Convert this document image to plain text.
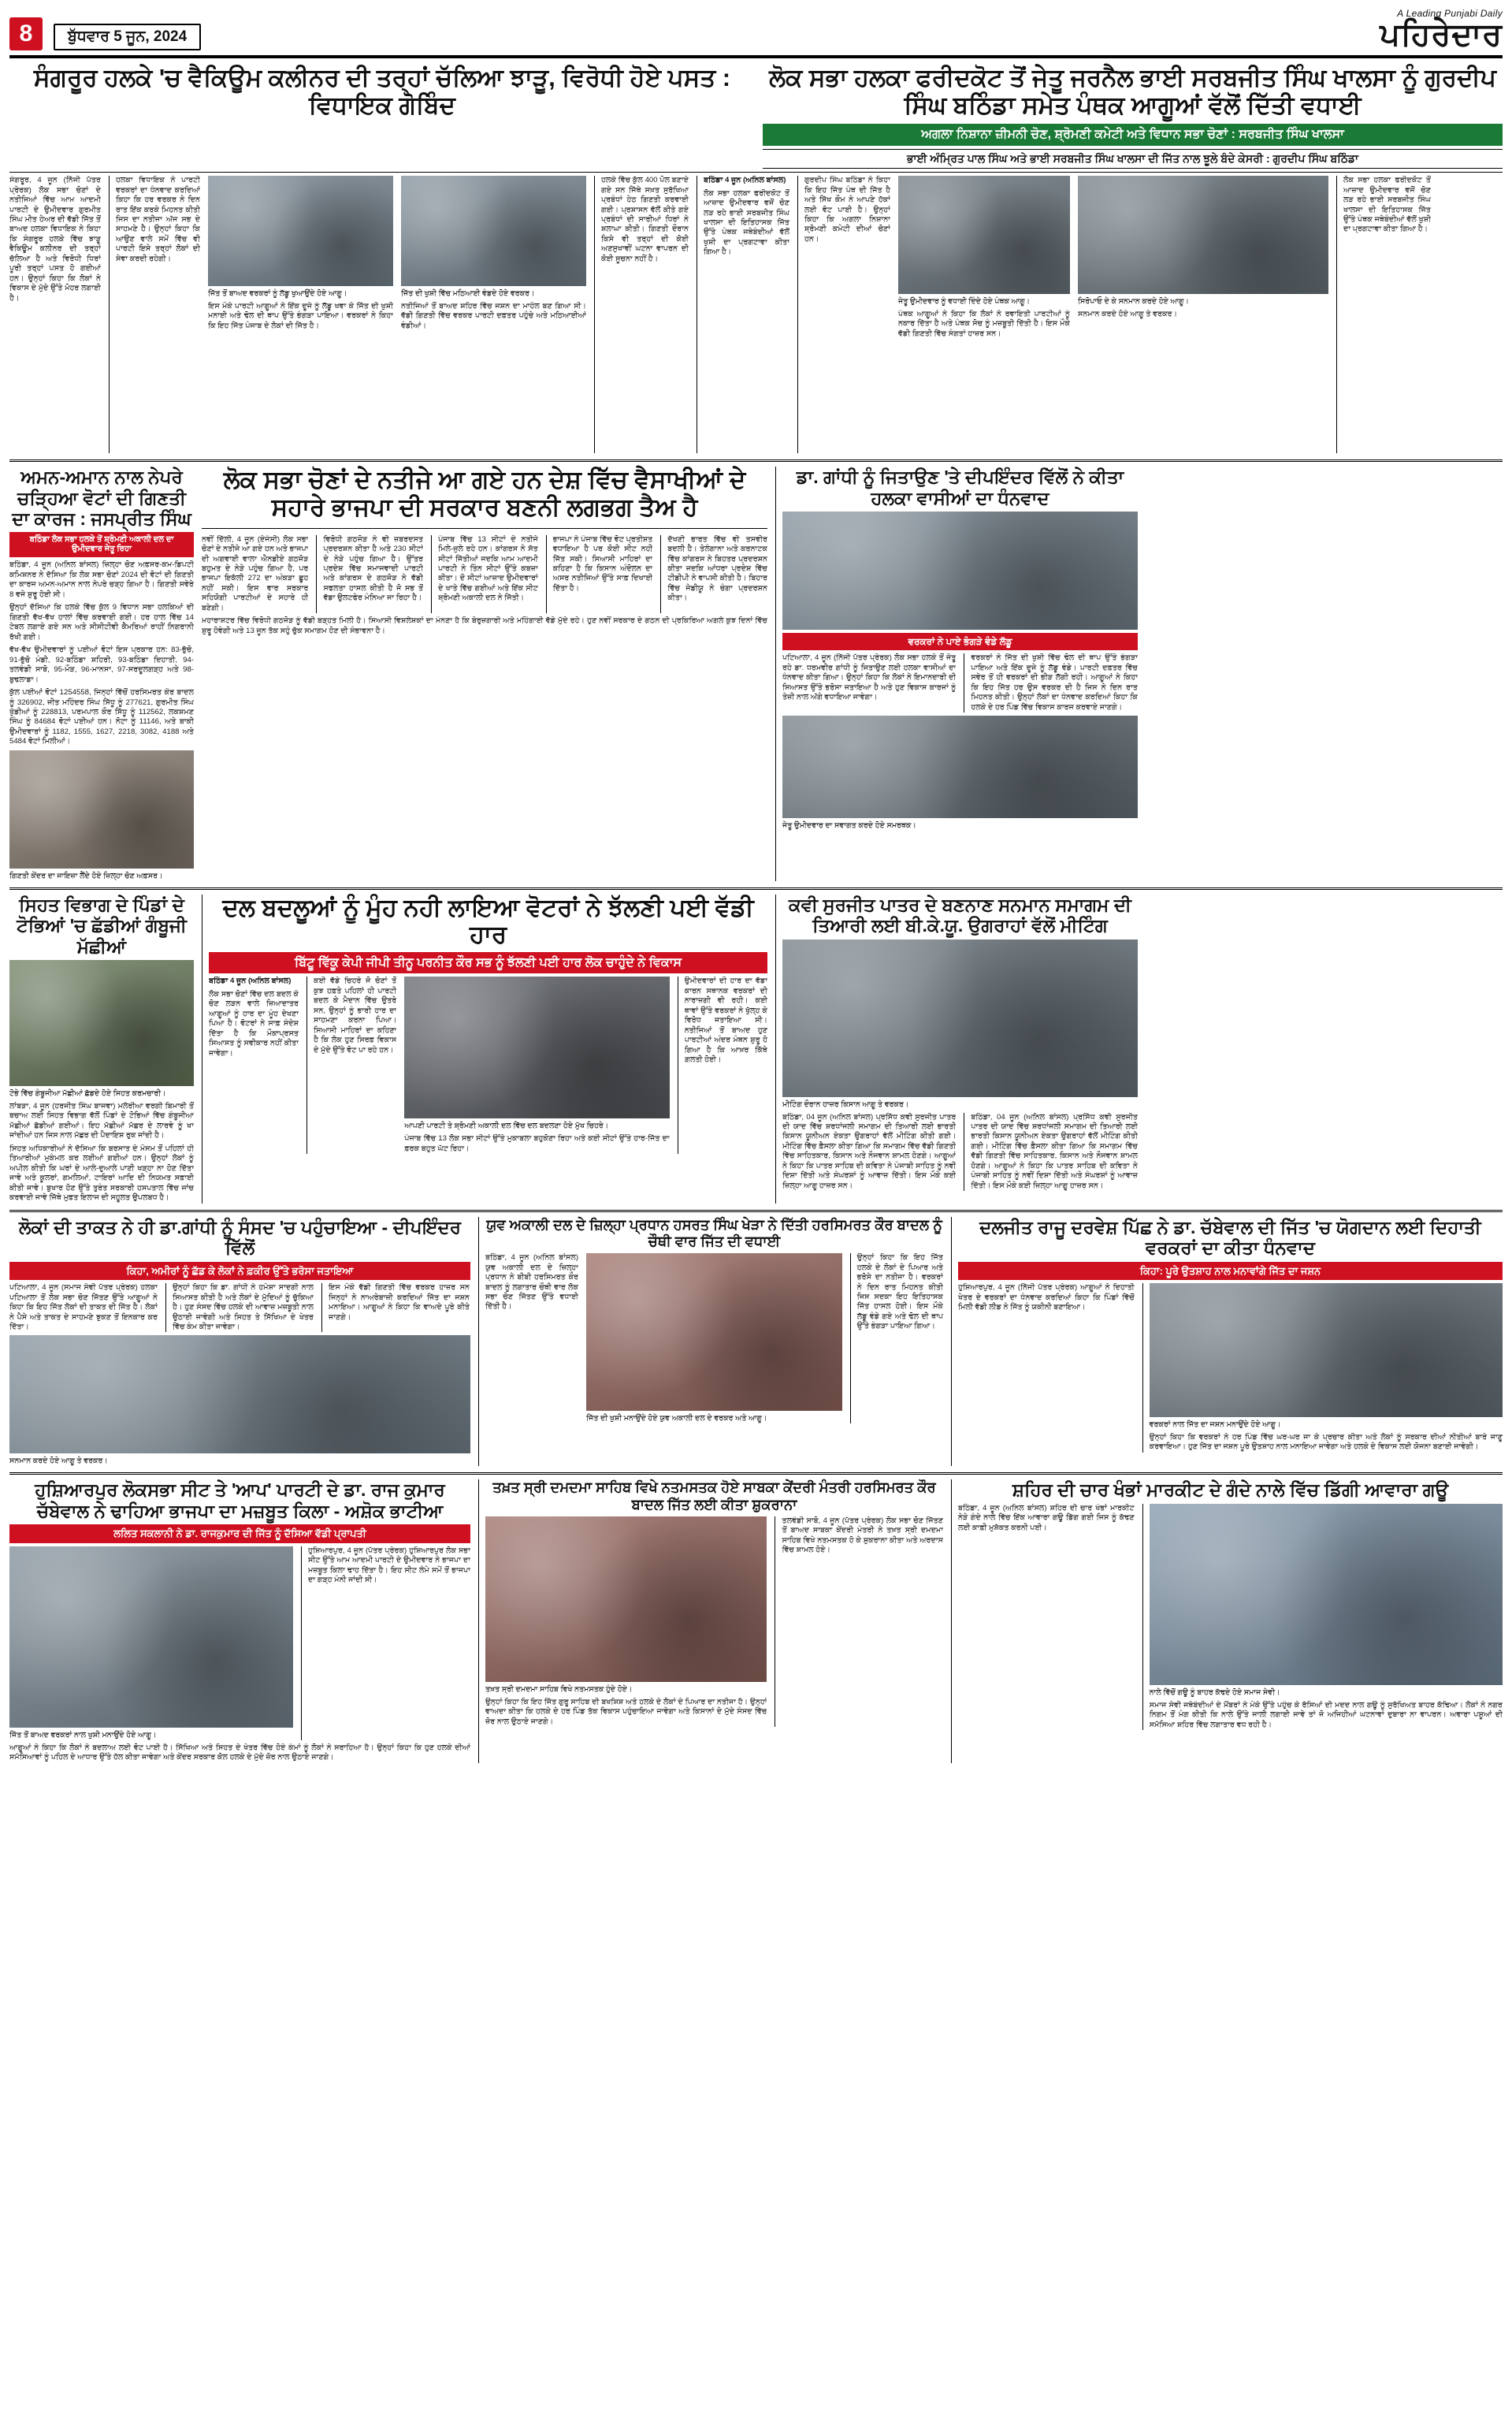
8	ਬੁੱਧਵਾਰ 5 ਜੂਨ, 2024
A Leading Punjabi Daily
ਪਹਿਰੇਦਾਰ
ਸੰਗਰੂਰ ਹਲਕੇ 'ਚ ਵੈਕਿਊਮ ਕਲੀਨਰ ਦੀ ਤਰ੍ਹਾਂ ਚੱਲਿਆ ਝਾੜੂ, ਵਿਰੋਧੀ ਹੋਏ ਪਸਤ : ਵਿਧਾਇਕ ਗੋਬਿੰਦ
ਲੋਕ ਸਭਾ ਹਲਕਾ ਫਰੀਦਕੋਟ ਤੋਂ ਜੇਤੂ ਜਰਨੈਲ ਭਾਈ ਸਰਬਜੀਤ ਸਿੰਘ ਖਾਲਸਾ ਨੂੰ ਗੁਰਦੀਪ ਸਿੰਘ ਬਠਿੰਡਾ ਸਮੇਤ ਪੰਥਕ ਆਗੂਆਂ ਵੱਲੋਂ ਦਿੱਤੀ ਵਧਾਈ
ਅਗਲਾ ਨਿਸ਼ਾਨਾ ਜ਼ੀਮਨੀ ਚੋਣ, ਸ਼੍ਰੋਮਣੀ ਕਮੇਟੀ ਅਤੇ ਵਿਧਾਨ ਸਭਾ ਚੋਣਾਂ : ਸਰਬਜੀਤ ਸਿੰਘ ਖਾਲਸਾ
ਭਾਈ ਅੰਮ੍ਰਿਤ ਪਾਲ ਸਿੰਘ ਅਤੇ ਭਾਈ ਸਰਬਜੀਤ ਸਿੰਘ ਖਾਲਸਾ ਦੀ ਜਿੱਤ ਨਾਲ ਝੂਲੇ ਬੰਦੇ ਕੇਸਰੀ : ਗੁਰਦੀਪ ਸਿੰਘ ਬਠਿੰਡਾ
ਸੰਗਰੂਰ, 4 ਜੂਨ (ਨਿੱਜੀ ਪੱਤਰ ਪ੍ਰੇਰਕ) ਲੋਕ ਸਭਾ ਚੋਣਾਂ ਦੇ ਨਤੀਜਿਆਂ ਵਿੱਚ ਆਮ ਆਦਮੀ ਪਾਰਟੀ ਦੇ ਉਮੀਦਵਾਰ ਗੁਰਮੀਤ ਸਿੰਘ ਮੀਤ ਹੇਅਰ ਦੀ ਵੱਡੀ ਜਿੱਤ ਤੋਂ ਬਾਅਦ ਹਲਕਾ ਵਿਧਾਇਕ ਨੇ ਕਿਹਾ ਕਿ ਸੰਗਰੂਰ ਹਲਕੇ ਵਿੱਚ ਝਾੜੂ ਵੈਕਿਊਮ ਕਲੀਨਰ ਦੀ ਤਰ੍ਹਾਂ ਚੱਲਿਆ ਹੈ ਅਤੇ ਵਿਰੋਧੀ ਧਿਰਾਂ ਪੂਰੀ ਤਰ੍ਹਾਂ ਪਸਤ ਹੋ ਗਈਆਂ ਹਨ। ਉਨ੍ਹਾਂ ਕਿਹਾ ਕਿ ਲੋਕਾਂ ਨੇ ਵਿਕਾਸ ਦੇ ਮੁੱਦੇ ਉੱਤੇ ਮੋਹਰ ਲਗਾਈ ਹੈ।
ਹਲਕਾ ਵਿਧਾਇਕ ਨੇ ਪਾਰਟੀ ਵਰਕਰਾਂ ਦਾ ਧੰਨਵਾਦ ਕਰਦਿਆਂ ਕਿਹਾ ਕਿ ਹਰ ਵਰਕਰ ਨੇ ਦਿਨ ਰਾਤ ਇੱਕ ਕਰਕੇ ਮਿਹਨਤ ਕੀਤੀ ਜਿਸ ਦਾ ਨਤੀਜਾ ਅੱਜ ਸਭ ਦੇ ਸਾਹਮਣੇ ਹੈ। ਉਨ੍ਹਾਂ ਕਿਹਾ ਕਿ ਆਉਣ ਵਾਲੇ ਸਮੇਂ ਵਿੱਚ ਵੀ ਪਾਰਟੀ ਇਸੇ ਤਰ੍ਹਾਂ ਲੋਕਾਂ ਦੀ ਸੇਵਾ ਕਰਦੀ ਰਹੇਗੀ।
ਜਿੱਤ ਤੋਂ ਬਾਅਦ ਵਰਕਰਾਂ ਨੂੰ ਲੱਡੂ ਖੁਆਉਂਦੇ ਹੋਏ ਆਗੂ।
ਇਸ ਮੌਕੇ ਪਾਰਟੀ ਆਗੂਆਂ ਨੇ ਇੱਕ ਦੂਜੇ ਨੂੰ ਲੱਡੂ ਖਵਾ ਕੇ ਜਿੱਤ ਦੀ ਖੁਸ਼ੀ ਮਨਾਈ ਅਤੇ ਢੋਲ ਦੀ ਥਾਪ ਉੱਤੇ ਭੰਗੜਾ ਪਾਇਆ। ਵਰਕਰਾਂ ਨੇ ਕਿਹਾ ਕਿ ਇਹ ਜਿੱਤ ਪੰਜਾਬ ਦੇ ਲੋਕਾਂ ਦੀ ਜਿੱਤ ਹੈ।
ਜਿੱਤ ਦੀ ਖੁਸ਼ੀ ਵਿੱਚ ਮਠਿਆਈ ਵੰਡਦੇ ਹੋਏ ਵਰਕਰ।
ਨਤੀਜਿਆਂ ਤੋਂ ਬਾਅਦ ਸ਼ਹਿਰ ਵਿੱਚ ਜਸ਼ਨ ਦਾ ਮਾਹੌਲ ਬਣ ਗਿਆ ਸੀ। ਵੱਡੀ ਗਿਣਤੀ ਵਿੱਚ ਵਰਕਰ ਪਾਰਟੀ ਦਫ਼ਤਰ ਪਹੁੰਚੇ ਅਤੇ ਮਠਿਆਈਆਂ ਵੰਡੀਆਂ।
ਹਲਕੇ ਵਿੱਚ ਕੁੱਲ 400 ਪੋਲ ਬਣਾਏ ਗਏ ਸਨ ਜਿੱਥੇ ਸਖ਼ਤ ਸੁਰੱਖਿਆ ਪ੍ਰਬੰਧਾਂ ਹੇਠ ਗਿਣਤੀ ਕਰਵਾਈ ਗਈ। ਪ੍ਰਸ਼ਾਸਨ ਵੱਲੋਂ ਕੀਤੇ ਗਏ ਪ੍ਰਬੰਧਾਂ ਦੀ ਸਾਰੀਆਂ ਧਿਰਾਂ ਨੇ ਸ਼ਲਾਘਾ ਕੀਤੀ। ਗਿਣਤੀ ਦੌਰਾਨ ਕਿਸੇ ਵੀ ਤਰ੍ਹਾਂ ਦੀ ਕੋਈ ਅਣਸੁਖਾਵੀਂ ਘਟਨਾ ਵਾਪਰਨ ਦੀ ਕੋਈ ਸੂਚਨਾ ਨਹੀਂ ਹੈ।
ਬਠਿੰਡਾ 4 ਜੂਨ (ਅਨਿਲ ਬਾਂਸਲ)
ਲੋਕ ਸਭਾ ਹਲਕਾ ਫਰੀਦਕੋਟ ਤੋਂ ਆਜ਼ਾਦ ਉਮੀਦਵਾਰ ਵਜੋਂ ਚੋਣ ਲੜ ਰਹੇ ਭਾਈ ਸਰਬਜੀਤ ਸਿੰਘ ਖਾਲਸਾ ਦੀ ਇਤਿਹਾਸਕ ਜਿੱਤ ਉੱਤੇ ਪੰਥਕ ਜਥੇਬੰਦੀਆਂ ਵੱਲੋਂ ਖੁਸ਼ੀ ਦਾ ਪ੍ਰਗਟਾਵਾ ਕੀਤਾ ਗਿਆ ਹੈ।
ਗੁਰਦੀਪ ਸਿੰਘ ਬਠਿੰਡਾ ਨੇ ਕਿਹਾ ਕਿ ਇਹ ਜਿੱਤ ਪੰਥ ਦੀ ਜਿੱਤ ਹੈ ਅਤੇ ਸਿੱਖ ਕੌਮ ਨੇ ਆਪਣੇ ਹੱਕਾਂ ਲਈ ਵੋਟ ਪਾਈ ਹੈ। ਉਨ੍ਹਾਂ ਕਿਹਾ ਕਿ ਅਗਲਾ ਨਿਸ਼ਾਨਾ ਸ਼੍ਰੋਮਣੀ ਕਮੇਟੀ ਦੀਆਂ ਚੋਣਾਂ ਹਨ।
ਜੇਤੂ ਉਮੀਦਵਾਰ ਨੂੰ ਵਧਾਈ ਦਿੰਦੇ ਹੋਏ ਪੰਥਕ ਆਗੂ।
ਪੰਥਕ ਆਗੂਆਂ ਨੇ ਕਿਹਾ ਕਿ ਲੋਕਾਂ ਨੇ ਰਵਾਇਤੀ ਪਾਰਟੀਆਂ ਨੂੰ ਨਕਾਰ ਦਿੱਤਾ ਹੈ ਅਤੇ ਪੰਥਕ ਸੋਚ ਨੂੰ ਮਜ਼ਬੂਤੀ ਦਿੱਤੀ ਹੈ। ਇਸ ਮੌਕੇ ਵੱਡੀ ਗਿਣਤੀ ਵਿੱਚ ਸੰਗਤਾਂ ਹਾਜ਼ਰ ਸਨ।
ਸਿਰੋਪਾਓ ਦੇ ਕੇ ਸਨਮਾਨ ਕਰਦੇ ਹੋਏ ਆਗੂ।
ਸਨਮਾਨ ਕਰਦੇ ਹੋਏ ਆਗੂ ਤੇ ਵਰਕਰ।
ਲੋਕ ਸਭਾ ਹਲਕਾ ਫਰੀਦਕੋਟ ਤੋਂ ਆਜ਼ਾਦ ਉਮੀਦਵਾਰ ਵਜੋਂ ਚੋਣ ਲੜ ਰਹੇ ਭਾਈ ਸਰਬਜੀਤ ਸਿੰਘ ਖਾਲਸਾ ਦੀ ਇਤਿਹਾਸਕ ਜਿੱਤ ਉੱਤੇ ਪੰਥਕ ਜਥੇਬੰਦੀਆਂ ਵੱਲੋਂ ਖੁਸ਼ੀ ਦਾ ਪ੍ਰਗਟਾਵਾ ਕੀਤਾ ਗਿਆ ਹੈ।
ਅਮਨ-ਅਮਾਨ ਨਾਲ ਨੇਪਰੇ ਚੜ੍ਹਿਆ ਵੋਟਾਂ ਦੀ ਗਿਣਤੀ ਦਾ ਕਾਰਜ : ਜਸਪ੍ਰੀਤ ਸਿੰਘ
ਬਠਿੰਡਾ ਲੋਕ ਸਭਾ ਹਲਕੇ ਤੋਂ ਸ਼੍ਰੋਮਣੀ ਅਕਾਲੀ ਦਲ ਦਾ ਉਮੀਦਵਾਰ ਜੇਤੂ ਰਿਹਾ
ਬਠਿੰਡਾ, 4 ਜੂਨ (ਅਨਿਲ ਬਾਂਸਲ) ਜ਼ਿਲ੍ਹਾ ਚੋਣ ਅਫ਼ਸਰ-ਕਮ-ਡਿਪਟੀ ਕਮਿਸ਼ਨਰ ਨੇ ਦੱਸਿਆ ਕਿ ਲੋਕ ਸਭਾ ਚੋਣਾਂ 2024 ਦੀ ਵੋਟਾਂ ਦੀ ਗਿਣਤੀ ਦਾ ਕਾਰਜ ਅਮਨ-ਅਮਾਨ ਨਾਲ ਨੇਪਰੇ ਚੜ੍ਹ ਗਿਆ ਹੈ। ਗਿਣਤੀ ਸਵੇਰੇ 8 ਵਜੇ ਸ਼ੁਰੂ ਹੋਈ ਸੀ।
ਉਨ੍ਹਾਂ ਦੱਸਿਆ ਕਿ ਹਲਕੇ ਵਿੱਚ ਕੁੱਲ 9 ਵਿਧਾਨ ਸਭਾ ਹਲਕਿਆਂ ਦੀ ਗਿਣਤੀ ਵੱਖ-ਵੱਖ ਹਾਲਾਂ ਵਿੱਚ ਕਰਵਾਈ ਗਈ। ਹਰ ਹਾਲ ਵਿੱਚ 14 ਟੇਬਲ ਲਗਾਏ ਗਏ ਸਨ ਅਤੇ ਸੀਸੀਟੀਵੀ ਕੈਮਰਿਆਂ ਰਾਹੀਂ ਨਿਗਰਾਨੀ ਰੱਖੀ ਗਈ।
ਵੱਖ-ਵੱਖ ਉਮੀਦਵਾਰਾਂ ਨੂੰ ਪਈਆਂ ਵੋਟਾਂ ਇਸ ਪ੍ਰਕਾਰ ਹਨ: 83-ਭੁੱਚੋ, 91-ਭੁੱਚੋ ਮੰਡੀ, 92-ਬਠਿੰਡਾ ਸ਼ਹਿਰੀ, 93-ਬਠਿੰਡਾ ਦਿਹਾਤੀ, 94-ਤਲਵੰਡੀ ਸਾਬੋ, 95-ਮੌੜ, 96-ਮਾਨਸਾ, 97-ਸਰਦੂਲਗੜ੍ਹ ਅਤੇ 98-ਬੁਢਲਾਡਾ।
ਕੁੱਲ ਪਈਆਂ ਵੋਟਾਂ 1254558, ਜਿਨ੍ਹਾਂ ਵਿੱਚੋਂ ਹਰਸਿਮਰਤ ਕੌਰ ਬਾਦਲ ਨੂੰ 326902, ਜੀਤ ਮਹਿੰਦਰ ਸਿੰਘ ਸਿੱਧੂ ਨੂੰ 277621, ਗੁਰਮੀਤ ਸਿੰਘ ਖੁੱਡੀਆਂ ਨੂੰ 228813, ਪਰਮਪਾਲ ਕੌਰ ਸਿੱਧੂ ਨੂੰ 112562, ਲਕਸ਼ਮਣ ਸਿੰਘ ਨੂੰ 84684 ਵੋਟਾਂ ਪਈਆਂ ਹਨ। ਨੋਟਾ ਨੂੰ 11146, ਅਤੇ ਬਾਕੀ ਉਮੀਦਵਾਰਾਂ ਨੂੰ 1182, 1555, 1627, 2218, 3082, 4188 ਅਤੇ 5484 ਵੋਟਾਂ ਮਿਲੀਆਂ।
ਗਿਣਤੀ ਕੇਂਦਰ ਦਾ ਜਾਇਜ਼ਾ ਲੈਂਦੇ ਹੋਏ ਜ਼ਿਲ੍ਹਾ ਚੋਣ ਅਫ਼ਸਰ।
ਲੋਕ ਸਭਾ ਚੋਣਾਂ ਦੇ ਨਤੀਜੇ ਆ ਗਏ ਹਨ ਦੇਸ਼ ਵਿੱਚ ਵੈਸਾਖੀਆਂ ਦੇ ਸਹਾਰੇ ਭਾਜਪਾ ਦੀ ਸਰਕਾਰ ਬਣਨੀ ਲਗਭਗ ਤੈਅ ਹੈ
ਨਵੀਂ ਦਿੱਲੀ, 4 ਜੂਨ (ਏਜੰਸੀ) ਲੋਕ ਸਭਾ ਚੋਣਾਂ ਦੇ ਨਤੀਜੇ ਆ ਗਏ ਹਨ ਅਤੇ ਭਾਜਪਾ ਦੀ ਅਗਵਾਈ ਵਾਲਾ ਐਨਡੀਏ ਗਠਜੋੜ ਬਹੁਮਤ ਦੇ ਨੇੜੇ ਪਹੁੰਚ ਗਿਆ ਹੈ, ਪਰ ਭਾਜਪਾ ਇਕੱਲੀ 272 ਦਾ ਅੰਕੜਾ ਛੂਹ ਨਹੀਂ ਸਕੀ। ਇਸ ਵਾਰ ਸਰਕਾਰ ਸਹਿਯੋਗੀ ਪਾਰਟੀਆਂ ਦੇ ਸਹਾਰੇ ਹੀ ਬਣੇਗੀ।
ਵਿਰੋਧੀ ਗਠਜੋੜ ਨੇ ਵੀ ਜ਼ਬਰਦਸਤ ਪ੍ਰਦਰਸ਼ਨ ਕੀਤਾ ਹੈ ਅਤੇ 230 ਸੀਟਾਂ ਦੇ ਨੇੜੇ ਪਹੁੰਚ ਗਿਆ ਹੈ। ਉੱਤਰ ਪ੍ਰਦੇਸ਼ ਵਿੱਚ ਸਮਾਜਵਾਦੀ ਪਾਰਟੀ ਅਤੇ ਕਾਂਗਰਸ ਦੇ ਗਠਜੋੜ ਨੇ ਵੱਡੀ ਸਫਲਤਾ ਹਾਸਲ ਕੀਤੀ ਹੈ ਜੋ ਸਭ ਤੋਂ ਵੱਡਾ ਉਲਟਫੇਰ ਮੰਨਿਆ ਜਾ ਰਿਹਾ ਹੈ।
ਪੰਜਾਬ ਵਿੱਚ 13 ਸੀਟਾਂ ਦੇ ਨਤੀਜੇ ਮਿਲੇ-ਜੁਲੇ ਰਹੇ ਹਨ। ਕਾਂਗਰਸ ਨੇ ਸੱਤ ਸੀਟਾਂ ਜਿੱਤੀਆਂ ਜਦਕਿ ਆਮ ਆਦਮੀ ਪਾਰਟੀ ਨੇ ਤਿੰਨ ਸੀਟਾਂ ਉੱਤੇ ਕਬਜ਼ਾ ਕੀਤਾ। ਦੋ ਸੀਟਾਂ ਆਜ਼ਾਦ ਉਮੀਦਵਾਰਾਂ ਦੇ ਖਾਤੇ ਵਿੱਚ ਗਈਆਂ ਅਤੇ ਇੱਕ ਸੀਟ ਸ਼੍ਰੋਮਣੀ ਅਕਾਲੀ ਦਲ ਨੇ ਜਿੱਤੀ।
ਭਾਜਪਾ ਨੇ ਪੰਜਾਬ ਵਿੱਚ ਵੋਟ ਪ੍ਰਤੀਸ਼ਤ ਵਧਾਇਆ ਹੈ ਪਰ ਕੋਈ ਸੀਟ ਨਹੀਂ ਜਿੱਤ ਸਕੀ। ਸਿਆਸੀ ਮਾਹਿਰਾਂ ਦਾ ਕਹਿਣਾ ਹੈ ਕਿ ਕਿਸਾਨ ਅੰਦੋਲਨ ਦਾ ਅਸਰ ਨਤੀਜਿਆਂ ਉੱਤੇ ਸਾਫ਼ ਦਿਖਾਈ ਦਿੱਤਾ ਹੈ।
ਦੱਖਣੀ ਭਾਰਤ ਵਿੱਚ ਵੀ ਤਸਵੀਰ ਬਦਲੀ ਹੈ। ਤੇਲੰਗਾਨਾ ਅਤੇ ਕਰਨਾਟਕ ਵਿੱਚ ਕਾਂਗਰਸ ਨੇ ਬਿਹਤਰ ਪ੍ਰਦਰਸ਼ਨ ਕੀਤਾ ਜਦਕਿ ਆਂਧਰਾ ਪ੍ਰਦੇਸ਼ ਵਿੱਚ ਟੀਡੀਪੀ ਨੇ ਵਾਪਸੀ ਕੀਤੀ ਹੈ। ਬਿਹਾਰ ਵਿੱਚ ਜੇਡੀਯੂ ਨੇ ਚੰਗਾ ਪ੍ਰਦਰਸ਼ਨ ਕੀਤਾ।
ਮਹਾਰਾਸ਼ਟਰ ਵਿੱਚ ਵਿਰੋਧੀ ਗਠਜੋੜ ਨੂੰ ਵੱਡੀ ਬੜ੍ਹਤ ਮਿਲੀ ਹੈ। ਸਿਆਸੀ ਵਿਸ਼ਲੇਸ਼ਕਾਂ ਦਾ ਮੰਨਣਾ ਹੈ ਕਿ ਬੇਰੁਜ਼ਗਾਰੀ ਅਤੇ ਮਹਿੰਗਾਈ ਵੱਡੇ ਮੁੱਦੇ ਰਹੇ। ਹੁਣ ਨਵੀਂ ਸਰਕਾਰ ਦੇ ਗਠਨ ਦੀ ਪ੍ਰਕਿਰਿਆ ਅਗਲੇ ਕੁਝ ਦਿਨਾਂ ਵਿੱਚ ਸ਼ੁਰੂ ਹੋਵੇਗੀ ਅਤੇ 13 ਜੂਨ ਤੱਕ ਸਹੁੰ ਚੁੱਕ ਸਮਾਗਮ ਹੋਣ ਦੀ ਸੰਭਾਵਨਾ ਹੈ।
ਡਾ. ਗਾਂਧੀ ਨੂੰ ਜਿਤਾਉਣ 'ਤੇ ਦੀਪਇੰਦਰ ਵਿੱਲੋਂ ਨੇ ਕੀਤਾ ਹਲਕਾ ਵਾਸੀਆਂ ਦਾ ਧੰਨਵਾਦ
ਵਰਕਰਾਂ ਨੇ ਪਾਏ ਭੰਗੜੇ ਵੰਡੇ ਲੱਡੂ
ਪਟਿਆਲਾ, 4 ਜੂਨ (ਨਿੱਜੀ ਪੱਤਰ ਪ੍ਰੇਰਕ) ਲੋਕ ਸਭਾ ਹਲਕੇ ਤੋਂ ਜੇਤੂ ਰਹੇ ਡਾ. ਧਰਮਵੀਰ ਗਾਂਧੀ ਨੂੰ ਜਿਤਾਉਣ ਲਈ ਹਲਕਾ ਵਾਸੀਆਂ ਦਾ ਧੰਨਵਾਦ ਕੀਤਾ ਗਿਆ। ਉਨ੍ਹਾਂ ਕਿਹਾ ਕਿ ਲੋਕਾਂ ਨੇ ਇਮਾਨਦਾਰੀ ਦੀ ਸਿਆਸਤ ਉੱਤੇ ਭਰੋਸਾ ਜਤਾਇਆ ਹੈ ਅਤੇ ਹੁਣ ਵਿਕਾਸ ਕਾਰਜਾਂ ਨੂੰ ਤੇਜ਼ੀ ਨਾਲ ਅੱਗੇ ਵਧਾਇਆ ਜਾਵੇਗਾ।
ਵਰਕਰਾਂ ਨੇ ਜਿੱਤ ਦੀ ਖੁਸ਼ੀ ਵਿੱਚ ਢੋਲ ਦੀ ਥਾਪ ਉੱਤੇ ਭੰਗੜਾ ਪਾਇਆ ਅਤੇ ਇੱਕ ਦੂਜੇ ਨੂੰ ਲੱਡੂ ਵੰਡੇ। ਪਾਰਟੀ ਦਫ਼ਤਰ ਵਿੱਚ ਸਵੇਰ ਤੋਂ ਹੀ ਵਰਕਰਾਂ ਦੀ ਭੀੜ ਲੱਗੀ ਰਹੀ। ਆਗੂਆਂ ਨੇ ਕਿਹਾ ਕਿ ਇਹ ਜਿੱਤ ਹਰ ਉਸ ਵਰਕਰ ਦੀ ਹੈ ਜਿਸ ਨੇ ਦਿਨ ਰਾਤ ਮਿਹਨਤ ਕੀਤੀ। ਉਨ੍ਹਾਂ ਲੋਕਾਂ ਦਾ ਧੰਨਵਾਦ ਕਰਦਿਆਂ ਕਿਹਾ ਕਿ ਹਲਕੇ ਦੇ ਹਰ ਪਿੰਡ ਵਿੱਚ ਵਿਕਾਸ ਕਾਰਜ ਕਰਵਾਏ ਜਾਣਗੇ।
ਜੇਤੂ ਉਮੀਦਵਾਰ ਦਾ ਸਵਾਗਤ ਕਰਦੇ ਹੋਏ ਸਮਰਥਕ।
ਸਿਹਤ ਵਿਭਾਗ ਦੇ ਪਿੰਡਾਂ ਦੇ ਟੋਭਿਆਂ 'ਚ ਛੱਡੀਆਂ ਗੰਬੂਜੀ ਮੱਛੀਆਂ
ਟੋਭੇ ਵਿੱਚ ਗੰਬੂਜੀਆ ਮੱਛੀਆਂ ਛੱਡਦੇ ਹੋਏ ਸਿਹਤ ਕਰਮਚਾਰੀ।
ਲਾਂਬੜਾ, 4 ਜੂਨ (ਹਰਜੀਤ ਸਿੰਘ ਬਾਜਵਾ) ਮਲੇਰੀਆ ਵਰਗੀ ਬਿਮਾਰੀ ਤੋਂ ਬਚਾਅ ਲਈ ਸਿਹਤ ਵਿਭਾਗ ਵੱਲੋਂ ਪਿੰਡਾਂ ਦੇ ਟੋਭਿਆਂ ਵਿੱਚ ਗੰਬੂਜੀਆ ਮੱਛੀਆਂ ਛੱਡੀਆਂ ਗਈਆਂ। ਇਹ ਮੱਛੀਆਂ ਮੱਛਰ ਦੇ ਲਾਰਵੇ ਨੂੰ ਖਾ ਜਾਂਦੀਆਂ ਹਨ ਜਿਸ ਨਾਲ ਮੱਛਰ ਦੀ ਪੈਦਾਇਸ਼ ਰੁਕ ਜਾਂਦੀ ਹੈ।
ਸਿਹਤ ਅਧਿਕਾਰੀਆਂ ਨੇ ਦੱਸਿਆ ਕਿ ਬਰਸਾਤ ਦੇ ਮੌਸਮ ਤੋਂ ਪਹਿਲਾਂ ਹੀ ਤਿਆਰੀਆਂ ਮੁਕੰਮਲ ਕਰ ਲਈਆਂ ਗਈਆਂ ਹਨ। ਉਨ੍ਹਾਂ ਲੋਕਾਂ ਨੂੰ ਅਪੀਲ ਕੀਤੀ ਕਿ ਘਰਾਂ ਦੇ ਆਲੇ-ਦੁਆਲੇ ਪਾਣੀ ਖੜ੍ਹਾ ਨਾ ਹੋਣ ਦਿੱਤਾ ਜਾਵੇ ਅਤੇ ਕੂਲਰਾਂ, ਗਮਲਿਆਂ, ਟਾਇਰਾਂ ਆਦਿ ਦੀ ਨਿਯਮਤ ਸਫ਼ਾਈ ਕੀਤੀ ਜਾਵੇ। ਬੁਖਾਰ ਹੋਣ ਉੱਤੇ ਤੁਰੰਤ ਸਰਕਾਰੀ ਹਸਪਤਾਲ ਵਿੱਚ ਜਾਂਚ ਕਰਵਾਈ ਜਾਵੇ ਜਿੱਥੇ ਮੁਫ਼ਤ ਇਲਾਜ ਦੀ ਸਹੂਲਤ ਉਪਲਬਧ ਹੈ।
ਦਲ ਬਦਲੂਆਂ ਨੂੰ ਮੂੰਹ ਨਹੀ ਲਾਇਆ ਵੋਟਰਾਂ ਨੇ ਝੱਲਣੀ ਪਈ ਵੱਡੀ ਹਾਰ
ਬਿੱਟੂ ਵਿੱਕੂ ਕੇਪੀ ਜੀਪੀ ਤੀਨੂ ਪਰਨੀਤ ਕੌਰ ਸਭ ਨੂੰ ਝੱਲਣੀ ਪਈ ਹਾਰ ਲੋਕ ਚਾਹੁੰਦੇ ਨੇ ਵਿਕਾਸ
ਬਠਿੰਡਾ 4 ਜੂਨ (ਅਨਿਲ ਬਾਂਸਲ)
ਲੋਕ ਸਭਾ ਚੋਣਾਂ ਵਿੱਚ ਦਲ ਬਦਲ ਕੇ ਚੋਣ ਲੜਨ ਵਾਲੇ ਜ਼ਿਆਦਾਤਰ ਆਗੂਆਂ ਨੂੰ ਹਾਰ ਦਾ ਮੂੰਹ ਦੇਖਣਾ ਪਿਆ ਹੈ। ਵੋਟਰਾਂ ਨੇ ਸਾਫ਼ ਸੰਦੇਸ਼ ਦਿੱਤਾ ਹੈ ਕਿ ਮੌਕਾਪ੍ਰਸਤ ਸਿਆਸਤ ਨੂੰ ਸਵੀਕਾਰ ਨਹੀਂ ਕੀਤਾ ਜਾਵੇਗਾ।
ਕਈ ਵੱਡੇ ਚਿਹਰੇ ਜੋ ਚੋਣਾਂ ਤੋਂ ਕੁਝ ਹਫ਼ਤੇ ਪਹਿਲਾਂ ਹੀ ਪਾਰਟੀ ਬਦਲ ਕੇ ਮੈਦਾਨ ਵਿੱਚ ਉਤਰੇ ਸਨ, ਉਨ੍ਹਾਂ ਨੂੰ ਭਾਰੀ ਹਾਰ ਦਾ ਸਾਹਮਣਾ ਕਰਨਾ ਪਿਆ। ਸਿਆਸੀ ਮਾਹਿਰਾਂ ਦਾ ਕਹਿਣਾ ਹੈ ਕਿ ਲੋਕ ਹੁਣ ਸਿਰਫ਼ ਵਿਕਾਸ ਦੇ ਮੁੱਦੇ ਉੱਤੇ ਵੋਟ ਪਾ ਰਹੇ ਹਨ।
ਆਪਣੀ ਪਾਰਟੀ ਤੇ ਸ਼੍ਰੋਮਣੀ ਅਕਾਲੀ ਦਲ ਵਿੱਚ ਦਲ ਬਦਲਣਾ ਹੋਏ ਮੁੱਖ ਚਿਹਰੇ।
ਪੰਜਾਬ ਵਿੱਚ 13 ਲੋਕ ਸਭਾ ਸੀਟਾਂ ਉੱਤੇ ਮੁਕਾਬਲਾ ਬਹੁਕੋਣਾ ਰਿਹਾ ਅਤੇ ਕਈ ਸੀਟਾਂ ਉੱਤੇ ਹਾਰ-ਜਿੱਤ ਦਾ ਫ਼ਰਕ ਬਹੁਤ ਘੱਟ ਰਿਹਾ।
ਉਮੀਦਵਾਰਾਂ ਦੀ ਹਾਰ ਦਾ ਵੱਡਾ ਕਾਰਨ ਸਥਾਨਕ ਵਰਕਰਾਂ ਦੀ ਨਾਰਾਜ਼ਗੀ ਵੀ ਰਹੀ। ਕਈ ਥਾਵਾਂ ਉੱਤੇ ਵਰਕਰਾਂ ਨੇ ਖੁੱਲ੍ਹ ਕੇ ਵਿਰੋਧ ਜਤਾਇਆ ਸੀ। ਨਤੀਜਿਆਂ ਤੋਂ ਬਾਅਦ ਹੁਣ ਪਾਰਟੀਆਂ ਅੰਦਰ ਮੰਥਨ ਸ਼ੁਰੂ ਹੋ ਗਿਆ ਹੈ ਕਿ ਆਖ਼ਰ ਕਿੱਥੇ ਗ਼ਲਤੀ ਹੋਈ।
ਕਵੀ ਸੁਰਜੀਤ ਪਾਤਰ ਦੇ ਬਣਨਾਣ ਸਨਮਾਨ ਸਮਾਗਮ ਦੀ ਤਿਆਰੀ ਲਈ ਬੀ.ਕੇ.ਯੂ. ਉਗਰਾਹਾਂ ਵੱਲੋਂ ਮੀਟਿੰਗ
ਮੀਟਿੰਗ ਦੌਰਾਨ ਹਾਜ਼ਰ ਕਿਸਾਨ ਆਗੂ ਤੇ ਵਰਕਰ।
ਬਠਿੰਡਾ, 04 ਜੂਨ (ਅਨਿਲ ਬਾਂਸਲ) ਪ੍ਰਸਿੱਧ ਕਵੀ ਸੁਰਜੀਤ ਪਾਤਰ ਦੀ ਯਾਦ ਵਿੱਚ ਸ਼ਰਧਾਂਜਲੀ ਸਮਾਗਮ ਦੀ ਤਿਆਰੀ ਲਈ ਭਾਰਤੀ ਕਿਸਾਨ ਯੂਨੀਅਨ ਏਕਤਾ ਉਗਰਾਹਾਂ ਵੱਲੋਂ ਮੀਟਿੰਗ ਕੀਤੀ ਗਈ। ਮੀਟਿੰਗ ਵਿੱਚ ਫ਼ੈਸਲਾ ਕੀਤਾ ਗਿਆ ਕਿ ਸਮਾਗਮ ਵਿੱਚ ਵੱਡੀ ਗਿਣਤੀ ਵਿੱਚ ਸਾਹਿਤਕਾਰ, ਕਿਸਾਨ ਅਤੇ ਨੌਜਵਾਨ ਸ਼ਾਮਲ ਹੋਣਗੇ। ਆਗੂਆਂ ਨੇ ਕਿਹਾ ਕਿ ਪਾਤਰ ਸਾਹਿਬ ਦੀ ਕਵਿਤਾ ਨੇ ਪੰਜਾਬੀ ਸਾਹਿਤ ਨੂੰ ਨਵੀਂ ਦਿਸ਼ਾ ਦਿੱਤੀ ਅਤੇ ਸੰਘਰਸ਼ਾਂ ਨੂੰ ਆਵਾਜ਼ ਦਿੱਤੀ। ਇਸ ਮੌਕੇ ਕਈ ਜ਼ਿਲ੍ਹਾ ਆਗੂ ਹਾਜ਼ਰ ਸਨ।
ਬਠਿੰਡਾ, 04 ਜੂਨ (ਅਨਿਲ ਬਾਂਸਲ) ਪ੍ਰਸਿੱਧ ਕਵੀ ਸੁਰਜੀਤ ਪਾਤਰ ਦੀ ਯਾਦ ਵਿੱਚ ਸ਼ਰਧਾਂਜਲੀ ਸਮਾਗਮ ਦੀ ਤਿਆਰੀ ਲਈ ਭਾਰਤੀ ਕਿਸਾਨ ਯੂਨੀਅਨ ਏਕਤਾ ਉਗਰਾਹਾਂ ਵੱਲੋਂ ਮੀਟਿੰਗ ਕੀਤੀ ਗਈ। ਮੀਟਿੰਗ ਵਿੱਚ ਫ਼ੈਸਲਾ ਕੀਤਾ ਗਿਆ ਕਿ ਸਮਾਗਮ ਵਿੱਚ ਵੱਡੀ ਗਿਣਤੀ ਵਿੱਚ ਸਾਹਿਤਕਾਰ, ਕਿਸਾਨ ਅਤੇ ਨੌਜਵਾਨ ਸ਼ਾਮਲ ਹੋਣਗੇ। ਆਗੂਆਂ ਨੇ ਕਿਹਾ ਕਿ ਪਾਤਰ ਸਾਹਿਬ ਦੀ ਕਵਿਤਾ ਨੇ ਪੰਜਾਬੀ ਸਾਹਿਤ ਨੂੰ ਨਵੀਂ ਦਿਸ਼ਾ ਦਿੱਤੀ ਅਤੇ ਸੰਘਰਸ਼ਾਂ ਨੂੰ ਆਵਾਜ਼ ਦਿੱਤੀ। ਇਸ ਮੌਕੇ ਕਈ ਜ਼ਿਲ੍ਹਾ ਆਗੂ ਹਾਜ਼ਰ ਸਨ।
ਲੋਕਾਂ ਦੀ ਤਾਕਤ ਨੇ ਹੀ ਡਾ.ਗਾਂਧੀ ਨੂੰ ਸੰਸਦ 'ਚ ਪਹੁੰਚਾਇਆ - ਦੀਪਇੰਦਰ ਵਿੱਲੋਂ
ਕਿਹਾ, ਅਮੀਰਾਂ ਨੂੰ ਛੱਡ ਕੇ ਲੋਕਾਂ ਨੇ ਫ਼ਕੀਰ ਉੱਤੇ ਭਰੋਸਾ ਜਤਾਇਆ
ਪਟਿਆਲਾ, 4 ਜੂਨ (ਸਮਾਜ ਸੇਵੀ ਪੱਤਰ ਪ੍ਰੇਰਕ) ਹਲਕਾ ਪਟਿਆਲਾ ਤੋਂ ਲੋਕ ਸਭਾ ਚੋਣ ਜਿੱਤਣ ਉੱਤੇ ਆਗੂਆਂ ਨੇ ਕਿਹਾ ਕਿ ਇਹ ਜਿੱਤ ਲੋਕਾਂ ਦੀ ਤਾਕਤ ਦੀ ਜਿੱਤ ਹੈ। ਲੋਕਾਂ ਨੇ ਪੈਸੇ ਅਤੇ ਤਾਕਤ ਦੇ ਸਾਹਮਣੇ ਝੁਕਣ ਤੋਂ ਇਨਕਾਰ ਕਰ ਦਿੱਤਾ।
ਉਨ੍ਹਾਂ ਕਿਹਾ ਕਿ ਡਾ. ਗਾਂਧੀ ਨੇ ਹਮੇਸ਼ਾ ਸਾਦਗੀ ਨਾਲ ਸਿਆਸਤ ਕੀਤੀ ਹੈ ਅਤੇ ਲੋਕਾਂ ਦੇ ਮੁੱਦਿਆਂ ਨੂੰ ਚੁੱਕਿਆ ਹੈ। ਹੁਣ ਸੰਸਦ ਵਿੱਚ ਹਲਕੇ ਦੀ ਆਵਾਜ਼ ਮਜ਼ਬੂਤੀ ਨਾਲ ਉਠਾਈ ਜਾਵੇਗੀ ਅਤੇ ਸਿਹਤ ਤੇ ਸਿੱਖਿਆ ਦੇ ਖੇਤਰ ਵਿੱਚ ਕੰਮ ਕੀਤਾ ਜਾਵੇਗਾ।
ਇਸ ਮੌਕੇ ਵੱਡੀ ਗਿਣਤੀ ਵਿੱਚ ਵਰਕਰ ਹਾਜ਼ਰ ਸਨ ਜਿਨ੍ਹਾਂ ਨੇ ਨਾਅਰੇਬਾਜ਼ੀ ਕਰਦਿਆਂ ਜਿੱਤ ਦਾ ਜਸ਼ਨ ਮਨਾਇਆ। ਆਗੂਆਂ ਨੇ ਕਿਹਾ ਕਿ ਵਾਅਦੇ ਪੂਰੇ ਕੀਤੇ ਜਾਣਗੇ।
ਸਨਮਾਨ ਕਰਦੇ ਹੋਏ ਆਗੂ ਤੇ ਵਰਕਰ।
ਯੁਵ ਅਕਾਲੀ ਦਲ ਦੇ ਜ਼ਿਲ੍ਹਾ ਪ੍ਰਧਾਨ ਹਸਰਤ ਸਿੰਘ ਖੇੜਾ ਨੇ ਦਿੱਤੀ ਹਰਸਿਮਰਤ ਕੌਰ ਬਾਦਲ ਨੂੰ ਚੌਥੀ ਵਾਰ ਜਿੱਤ ਦੀ ਵਧਾਈ
ਬਠਿੰਡਾ, 4 ਜੂਨ (ਅਨਿਲ ਬਾਂਸਲ) ਯੁਵ ਅਕਾਲੀ ਦਲ ਦੇ ਜ਼ਿਲ੍ਹਾ ਪ੍ਰਧਾਨ ਨੇ ਬੀਬੀ ਹਰਸਿਮਰਤ ਕੌਰ ਬਾਦਲ ਨੂੰ ਲਗਾਤਾਰ ਚੌਥੀ ਵਾਰ ਲੋਕ ਸਭਾ ਚੋਣ ਜਿੱਤਣ ਉੱਤੇ ਵਧਾਈ ਦਿੱਤੀ ਹੈ।
ਜਿੱਤ ਦੀ ਖੁਸ਼ੀ ਮਨਾਉਂਦੇ ਹੋਏ ਯੁਵ ਅਕਾਲੀ ਦਲ ਦੇ ਵਰਕਰ ਅਤੇ ਆਗੂ।
ਉਨ੍ਹਾਂ ਕਿਹਾ ਕਿ ਇਹ ਜਿੱਤ ਹਲਕੇ ਦੇ ਲੋਕਾਂ ਦੇ ਪਿਆਰ ਅਤੇ ਭਰੋਸੇ ਦਾ ਨਤੀਜਾ ਹੈ। ਵਰਕਰਾਂ ਨੇ ਦਿਨ ਰਾਤ ਮਿਹਨਤ ਕੀਤੀ ਜਿਸ ਸਦਕਾ ਇਹ ਇਤਿਹਾਸਕ ਜਿੱਤ ਹਾਸਲ ਹੋਈ। ਇਸ ਮੌਕੇ ਲੱਡੂ ਵੰਡੇ ਗਏ ਅਤੇ ਢੋਲ ਦੀ ਥਾਪ ਉੱਤੇ ਭੰਗੜਾ ਪਾਇਆ ਗਿਆ।
ਦਲਜੀਤ ਰਾਜੂ ਦਰਵੇਸ਼ ਪਿੱਛ ਨੇ ਡਾ. ਚੱਬੇਵਾਲ ਦੀ ਜਿੱਤ 'ਚ ਯੋਗਦਾਨ ਲਈ ਦਿਹਾਤੀ ਵਰਕਰਾਂ ਦਾ ਕੀਤਾ ਧੰਨਵਾਦ
ਕਿਹਾ: ਪੂਰੇ ਉਤਸ਼ਾਹ ਨਾਲ ਮਨਾਵਾਂਗੇ ਜਿੱਤ ਦਾ ਜਸ਼ਨ
ਹੁਸ਼ਿਆਰਪੁਰ, 4 ਜੂਨ (ਨਿੱਜੀ ਪੱਤਰ ਪ੍ਰੇਰਕ) ਆਗੂਆਂ ਨੇ ਦਿਹਾਤੀ ਖੇਤਰ ਦੇ ਵਰਕਰਾਂ ਦਾ ਧੰਨਵਾਦ ਕਰਦਿਆਂ ਕਿਹਾ ਕਿ ਪਿੰਡਾਂ ਵਿੱਚੋਂ ਮਿਲੀ ਵੱਡੀ ਲੀਡ ਨੇ ਜਿੱਤ ਨੂੰ ਯਕੀਨੀ ਬਣਾਇਆ।
ਵਰਕਰਾਂ ਨਾਲ ਜਿੱਤ ਦਾ ਜਸ਼ਨ ਮਨਾਉਂਦੇ ਹੋਏ ਆਗੂ।
ਉਨ੍ਹਾਂ ਕਿਹਾ ਕਿ ਵਰਕਰਾਂ ਨੇ ਹਰ ਪਿੰਡ ਵਿੱਚ ਘਰ-ਘਰ ਜਾ ਕੇ ਪ੍ਰਚਾਰ ਕੀਤਾ ਅਤੇ ਲੋਕਾਂ ਨੂੰ ਸਰਕਾਰ ਦੀਆਂ ਨੀਤੀਆਂ ਬਾਰੇ ਜਾਣੂ ਕਰਵਾਇਆ। ਹੁਣ ਜਿੱਤ ਦਾ ਜਸ਼ਨ ਪੂਰੇ ਉਤਸ਼ਾਹ ਨਾਲ ਮਨਾਇਆ ਜਾਵੇਗਾ ਅਤੇ ਹਲਕੇ ਦੇ ਵਿਕਾਸ ਲਈ ਯੋਜਨਾ ਬਣਾਈ ਜਾਵੇਗੀ।
ਹੁਸ਼ਿਆਰਪੁਰ ਲੋਕਸਭਾ ਸੀਟ ਤੇ 'ਆਪ' ਪਾਰਟੀ ਦੇ ਡਾ. ਰਾਜ ਕੁਮਾਰ ਚੱਬੇਵਾਲ ਨੇ ਢਾਹਿਆ ਭਾਜਪਾ ਦਾ ਮਜ਼ਬੂਤ ਕਿਲਾ - ਅਸ਼ੋਕ ਭਾਟੀਆ
ਲਲਿਤ ਸਕਲਾਨੀ ਨੇ ਡਾ. ਰਾਜਕੁਮਾਰ ਦੀ ਜਿੱਤ ਨੂੰ ਦੱਸਿਆ ਵੱਡੀ ਪ੍ਰਾਪਤੀ
ਜਿੱਤ ਤੋਂ ਬਾਅਦ ਵਰਕਰਾਂ ਨਾਲ ਖੁਸ਼ੀ ਮਨਾਉਂਦੇ ਹੋਏ ਆਗੂ।
ਹੁਸ਼ਿਆਰਪੁਰ, 4 ਜੂਨ (ਪੱਤਰ ਪ੍ਰੇਰਕ) ਹੁਸ਼ਿਆਰਪੁਰ ਲੋਕ ਸਭਾ ਸੀਟ ਉੱਤੇ ਆਮ ਆਦਮੀ ਪਾਰਟੀ ਦੇ ਉਮੀਦਵਾਰ ਨੇ ਭਾਜਪਾ ਦਾ ਮਜ਼ਬੂਤ ਕਿਲਾ ਢਾਹ ਦਿੱਤਾ ਹੈ। ਇਹ ਸੀਟ ਲੰਮੇ ਸਮੇਂ ਤੋਂ ਭਾਜਪਾ ਦਾ ਗੜ੍ਹ ਮੰਨੀ ਜਾਂਦੀ ਸੀ।
ਆਗੂਆਂ ਨੇ ਕਿਹਾ ਕਿ ਲੋਕਾਂ ਨੇ ਬਦਲਾਅ ਲਈ ਵੋਟ ਪਾਈ ਹੈ। ਸਿੱਖਿਆ ਅਤੇ ਸਿਹਤ ਦੇ ਖੇਤਰ ਵਿੱਚ ਹੋਏ ਕੰਮਾਂ ਨੂੰ ਲੋਕਾਂ ਨੇ ਸਰਾਹਿਆ ਹੈ। ਉਨ੍ਹਾਂ ਕਿਹਾ ਕਿ ਹੁਣ ਹਲਕੇ ਦੀਆਂ ਸਮੱਸਿਆਵਾਂ ਨੂੰ ਪਹਿਲ ਦੇ ਆਧਾਰ ਉੱਤੇ ਹੱਲ ਕੀਤਾ ਜਾਵੇਗਾ ਅਤੇ ਕੇਂਦਰ ਸਰਕਾਰ ਕੋਲ ਹਲਕੇ ਦੇ ਮੁੱਦੇ ਜ਼ੋਰ ਨਾਲ ਉਠਾਏ ਜਾਣਗੇ।
ਤਖ਼ਤ ਸ੍ਰੀ ਦਮਦਮਾ ਸਾਹਿਬ ਵਿਖੇ ਨਤਮਸਤਕ ਹੋਏ ਸਾਬਕਾ ਕੇਂਦਰੀ ਮੰਤਰੀ ਹਰਸਿਮਰਤ ਕੌਰ ਬਾਦਲ ਜਿੱਤ ਲਈ ਕੀਤਾ ਸ਼ੁਕਰਾਨਾ
ਤਖ਼ਤ ਸ੍ਰੀ ਦਮਦਮਾ ਸਾਹਿਬ ਵਿਖੇ ਨਤਮਸਤਕ ਹੁੰਦੇ ਹੋਏ।
ਉਨ੍ਹਾਂ ਕਿਹਾ ਕਿ ਇਹ ਜਿੱਤ ਗੁਰੂ ਸਾਹਿਬ ਦੀ ਬਖਸ਼ਿਸ਼ ਅਤੇ ਹਲਕੇ ਦੇ ਲੋਕਾਂ ਦੇ ਪਿਆਰ ਦਾ ਨਤੀਜਾ ਹੈ। ਉਨ੍ਹਾਂ ਵਾਅਦਾ ਕੀਤਾ ਕਿ ਹਲਕੇ ਦੇ ਹਰ ਪਿੰਡ ਤੱਕ ਵਿਕਾਸ ਪਹੁੰਚਾਇਆ ਜਾਵੇਗਾ ਅਤੇ ਕਿਸਾਨਾਂ ਦੇ ਮੁੱਦੇ ਸੰਸਦ ਵਿੱਚ ਜ਼ੋਰ ਨਾਲ ਉਠਾਏ ਜਾਣਗੇ।
ਤਲਵੰਡੀ ਸਾਬੋ, 4 ਜੂਨ (ਪੱਤਰ ਪ੍ਰੇਰਕ) ਲੋਕ ਸਭਾ ਚੋਣ ਜਿੱਤਣ ਤੋਂ ਬਾਅਦ ਸਾਬਕਾ ਕੇਂਦਰੀ ਮੰਤਰੀ ਨੇ ਤਖ਼ਤ ਸ੍ਰੀ ਦਮਦਮਾ ਸਾਹਿਬ ਵਿਖੇ ਨਤਮਸਤਕ ਹੋ ਕੇ ਸ਼ੁਕਰਾਨਾ ਕੀਤਾ ਅਤੇ ਅਰਦਾਸ ਵਿੱਚ ਸ਼ਾਮਲ ਹੋਏ।
ਸ਼ਹਿਰ ਦੀ ਚਾਰ ਖੰਭਾਂ ਮਾਰਕੀਟ ਦੇ ਗੰਦੇ ਨਾਲੇ ਵਿੱਚ ਡਿੱਗੀ ਆਵਾਰਾ ਗਊ
ਬਠਿੰਡਾ, 4 ਜੂਨ (ਅਨਿਲ ਬਾਂਸਲ) ਸ਼ਹਿਰ ਦੀ ਚਾਰ ਖੰਭਾਂ ਮਾਰਕੀਟ ਨੇੜੇ ਗੰਦੇ ਨਾਲੇ ਵਿੱਚ ਇੱਕ ਆਵਾਰਾ ਗਊ ਡਿੱਗ ਗਈ ਜਿਸ ਨੂੰ ਕੱਢਣ ਲਈ ਕਾਫ਼ੀ ਮੁਸ਼ੱਕਤ ਕਰਨੀ ਪਈ।
ਨਾਲੇ ਵਿੱਚੋਂ ਗਊ ਨੂੰ ਬਾਹਰ ਕੱਢਦੇ ਹੋਏ ਸਮਾਜ ਸੇਵੀ।
ਸਮਾਜ ਸੇਵੀ ਜਥੇਬੰਦੀਆਂ ਦੇ ਮੈਂਬਰਾਂ ਨੇ ਮੌਕੇ ਉੱਤੇ ਪਹੁੰਚ ਕੇ ਰੱਸਿਆਂ ਦੀ ਮਦਦ ਨਾਲ ਗਊ ਨੂੰ ਸੁਰੱਖਿਅਤ ਬਾਹਰ ਕੱਢਿਆ। ਲੋਕਾਂ ਨੇ ਨਗਰ ਨਿਗਮ ਤੋਂ ਮੰਗ ਕੀਤੀ ਕਿ ਨਾਲੇ ਉੱਤੇ ਜਾਲੀ ਲਗਾਈ ਜਾਵੇ ਤਾਂ ਜੋ ਅਜਿਹੀਆਂ ਘਟਨਾਵਾਂ ਦੁਬਾਰਾ ਨਾ ਵਾਪਰਨ। ਅਵਾਰਾ ਪਸ਼ੂਆਂ ਦੀ ਸਮੱਸਿਆ ਸ਼ਹਿਰ ਵਿੱਚ ਲਗਾਤਾਰ ਵਧ ਰਹੀ ਹੈ।
